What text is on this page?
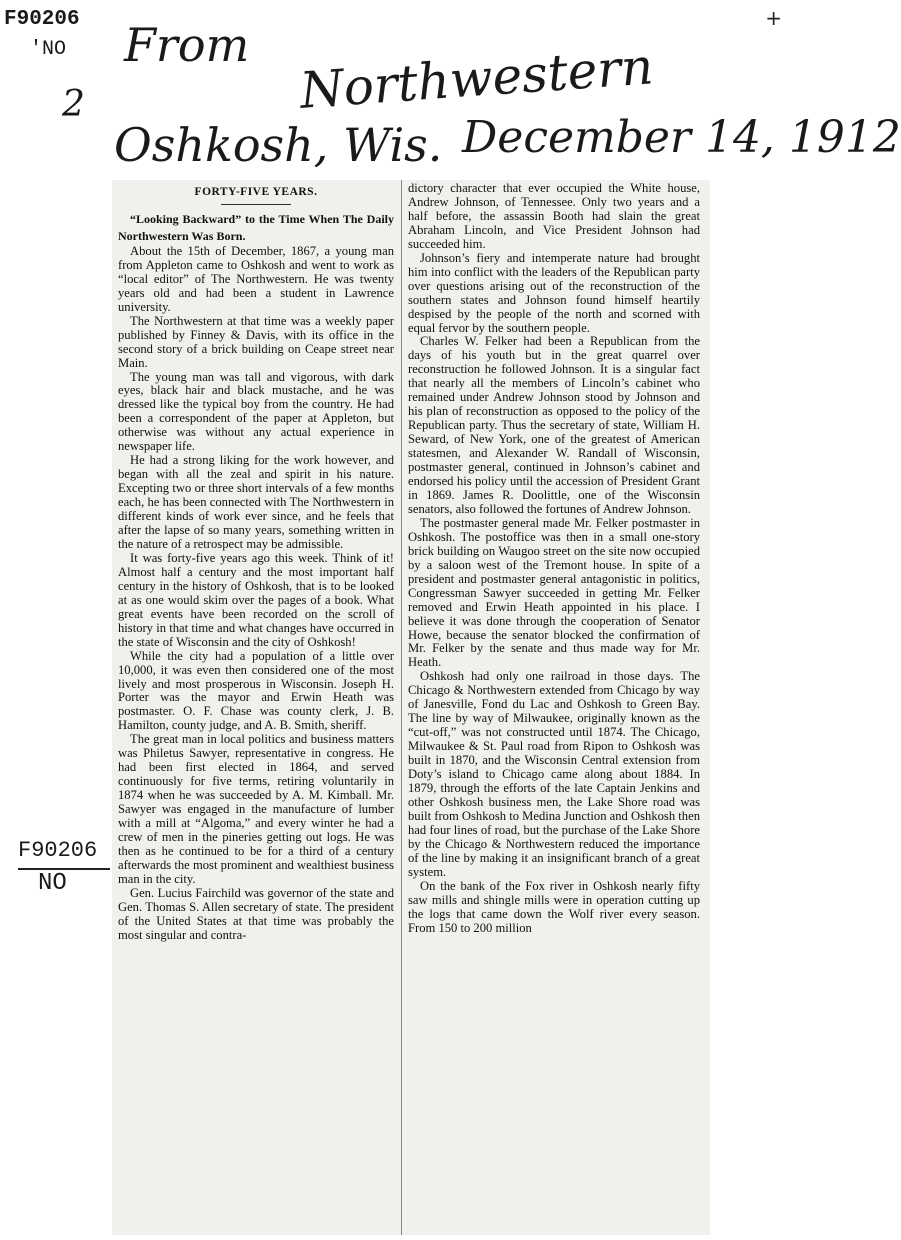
F90206
'NO From
2	Northwestern
Oshkosh, Wis. December 14, 1912
+
F90206
NO
FORTY-FIVE YEARS.

“Looking Backward” to the Time When The Daily Northwestern Was Born.

About the 15th of December, 1867, a young man from Appleton came to Oshkosh and went to work as “local editor” of The Northwestern. He was twenty years old and had been a student in Lawrence university.

The Northwestern at that time was a weekly paper published by Finney & Davis, with its office in the second story of a brick building on Ceape street near Main.

The young man was tall and vigorous, with dark eyes, black hair and black mustache, and he was dressed like the typical boy from the country. He had been a correspondent of the paper at Appleton, but otherwise was without any actual experience in newspaper life.

He had a strong liking for the work however, and began with all the zeal and spirit in his nature. Excepting two or three short intervals of a few months each, he has been connected with The Northwestern in different kinds of work ever since, and he feels that after the lapse of so many years, something written in the nature of a retrospect may be admissible.

It was forty-five years ago this week. Think of it! Almost half a century and the most important half century in the history of Oshkosh, that is to be looked at as one would skim over the pages of a book. What great events have been recorded on the scroll of history in that time and what changes have occurred in the state of Wisconsin and the city of Oshkosh!

While the city had a population of a little over 10,000, it was even then considered one of the most lively and most prosperous in Wisconsin. Joseph H. Porter was the mayor and Erwin Heath was postmaster. O. F. Chase was county clerk, J. B. Hamilton, county judge, and A. B. Smith, sheriff.

The great man in local politics and business matters was Philetus Sawyer, representative in congress. He had been first elected in 1864, and served continuously for five terms, retiring voluntarily in 1874 when he was succeeded by A. M. Kimball. Mr. Sawyer was engaged in the manufacture of lumber with a mill at “Algoma,” and every winter he had a crew of men in the pineries getting out logs. He was then as he continued to be for a third of a century afterwards the most prominent and wealthiest business man in the city.

Gen. Lucius Fairchild was governor of the state and Gen. Thomas S. Allen secretary of state. The president of the United States at that time was probably the most singular and contra-

dictory character that ever occupied the White house, Andrew Johnson, of Tennessee. Only two years and a half before, the assassin Booth had slain the great Abraham Lincoln, and Vice President Johnson had succeeded him.

Johnson’s fiery and intemperate nature had brought him into conflict with the leaders of the Republican party over questions arising out of the reconstruction of the southern states and Johnson found himself heartily despised by the people of the north and scorned with equal fervor by the southern people.

Charles W. Felker had been a Republican from the days of his youth but in the great quarrel over reconstruction he followed Johnson. It is a singular fact that nearly all the members of Lincoln’s cabinet who remained under Andrew Johnson stood by Johnson and his plan of reconstruction as opposed to the policy of the Republican party. Thus the secretary of state, William H. Seward, of New York, one of the greatest of American statesmen, and Alexander W. Randall of Wisconsin, postmaster general, continued in Johnson’s cabinet and endorsed his policy until the accession of President Grant in 1869. James R. Doolittle, one of the Wisconsin senators, also followed the fortunes of Andrew Johnson.

The postmaster general made Mr. Felker postmaster in Oshkosh. The postoffice was then in a small one-story brick building on Waugoo street on the site now occupied by a saloon west of the Tremont house. In spite of a president and postmaster general antagonistic in politics, Congressman Sawyer succeeded in getting Mr. Felker removed and Erwin Heath appointed in his place. I believe it was done through the cooperation of Senator Howe, because the senator blocked the confirmation of Mr. Felker by the senate and thus made way for Mr. Heath.

Oshkosh had only one railroad in those days. The Chicago & Northwestern extended from Chicago by way of Janesville, Fond du Lac and Oshkosh to Green Bay. The line by way of Milwaukee, originally known as the “cut-off,” was not constructed until 1874. The Chicago, Milwaukee & St. Paul road from Ripon to Oshkosh was built in 1870, and the Wisconsin Central extension from Doty’s island to Chicago came along about 1884. In 1879, through the efforts of the late Captain Jenkins and other Oshkosh business men, the Lake Shore road was built from Oshkosh to Medina Junction and Oshkosh then had four lines of road, but the purchase of the Lake Shore by the Chicago & Northwestern reduced the importance of the line by making it an insignificant branch of a great system.

On the bank of the Fox river in Oshkosh nearly fifty saw mills and shingle mills were in operation cutting up the logs that came down the Wolf river every season. From 150 to 200 million
